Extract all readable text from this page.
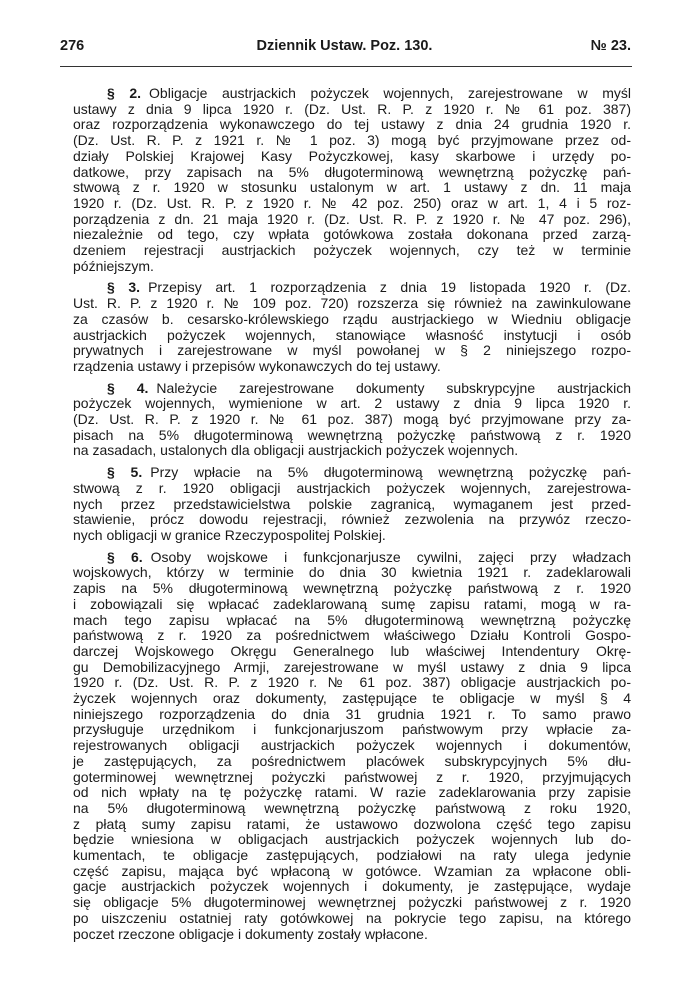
276	Dziennik Ustaw. Poz. 130.	№ 23.
§ 2. Obligacje austrjackich pożyczek wojennych, zarejestrowane w myśl
ustawy z dnia 9 lipca 1920 r. (Dz. Ust. R. P. z 1920 r. № 61 poz. 387)
oraz rozporządzenia wykonawczego do tej ustawy z dnia 24 grudnia 1920 r.
(Dz. Ust. R. P. z 1921 r. № 1 poz. 3) mogą być przyjmowane przez od-
działy Polskiej Krajowej Kasy Pożyczkowej, kasy skarbowe i urzędy po-
datkowe, przy zapisach na 5% długoterminową wewnętrzną pożyczkę pań-
stwową z r. 1920 w stosunku ustalonym w art. 1 ustawy z dn. 11 maja
1920 r. (Dz. Ust. R. P. z 1920 r. № 42 poz. 250) oraz w art. 1, 4 i 5 roz-
porządzenia z dn. 21 maja 1920 r. (Dz. Ust. R. P. z 1920 r. № 47 poz. 296),
niezależnie od tego, czy wpłata gotówkowa została dokonana przed zarzą-
dzeniem rejestracji austrjackich pożyczek wojennych, czy też w terminie
późniejszym.
§ 3. Przepisy art. 1 rozporządzenia z dnia 19 listopada 1920 r. (Dz.
Ust. R. P. z 1920 r. № 109 poz. 720) rozszerza się również na zawinkulowane
za czasów b. cesarsko-królewskiego rządu austrjackiego w Wiedniu obligacje
austrjackich pożyczek wojennych, stanowiące własność instytucji i osób
prywatnych i zarejestrowane w myśl powołanej w § 2 niniejszego rozpo-
rządzenia ustawy i przepisów wykonawczych do tej ustawy.
§ 4. Należycie zarejestrowane dokumenty subskrypcyjne austrjackich
pożyczek wojennych, wymienione w art. 2 ustawy z dnia 9 lipca 1920 r.
(Dz. Ust. R. P. z 1920 r. № 61 poz. 387) mogą być przyjmowane przy za-
pisach na 5% długoterminową wewnętrzną pożyczkę państwową z r. 1920
na zasadach, ustalonych dla obligacji austrjackich pożyczek wojennych.
§ 5. Przy wpłacie na 5% długoterminową wewnętrzną pożyczkę pań-
stwową z r. 1920 obligacji austrjackich pożyczek wojennych, zarejestrowa-
nych przez przedstawicielstwa polskie zagranicą, wymaganem jest przed-
stawienie, prócz dowodu rejestracji, również zezwolenia na przywóz rzeczo-
nych obligacji w granice Rzeczypospolitej Polskiej.
§ 6. Osoby wojskowe i funkcjonarjusze cywilni, zajęci przy władzach
wojskowych, którzy w terminie do dnia 30 kwietnia 1921 r. zadeklarowali
zapis na 5% długoterminową wewnętrzną pożyczkę państwową z r. 1920
i zobowiązali się wpłacać zadeklarowaną sumę zapisu ratami, mogą w ra-
mach tego zapisu wpłacać na 5% długoterminową wewnętrzną pożyczkę
państwową z r. 1920 za pośrednictwem właściwego Działu Kontroli Gospo-
darczej Wojskowego Okręgu Generalnego lub właściwej Intendentury Okrę-
gu Demobilizacyjnego Armji, zarejestrowane w myśl ustawy z dnia 9 lipca
1920 r. (Dz. Ust. R. P. z 1920 r. № 61 poz. 387) obligacje austrjackich po-
życzek wojennych oraz dokumenty, zastępujące te obligacje w myśl § 4
niniejszego rozporządzenia do dnia 31 grudnia 1921 r. To samo prawo
przysługuje urzędnikom i funkcjonarjuszom państwowym przy wpłacie za-
rejestrowanych obligacji austrjackich pożyczek wojennych i dokumentów,
je zastępujących, za pośrednictwem placówek subskrypcyjnych 5% dłu-
goterminowej wewnętrznej pożyczki państwowej z r. 1920, przyjmujących
od nich wpłaty na tę pożyczkę ratami. W razie zadeklarowania przy zapisie
na 5% długoterminową wewnętrzną pożyczkę państwową z roku 1920,
z płatą sumy zapisu ratami, że ustawowo dozwolona część tego zapisu
będzie wniesiona w obligacjach austrjackich pożyczek wojennych lub do-
kumentach, te obligacje zastępujących, podziałowi na raty ulega jedynie
część zapisu, mająca być wpłaconą w gotówce. Wzamian za wpłacone obli-
gacje austrjackich pożyczek wojennych i dokumenty, je zastępujące, wydaje
się obligacje 5% długoterminowej wewnętrznej pożyczki państwowej z r. 1920
po uiszczeniu ostatniej raty gotówkowej na pokrycie tego zapisu, na którego
poczet rzeczone obligacje i dokumenty zostały wpłacone.
